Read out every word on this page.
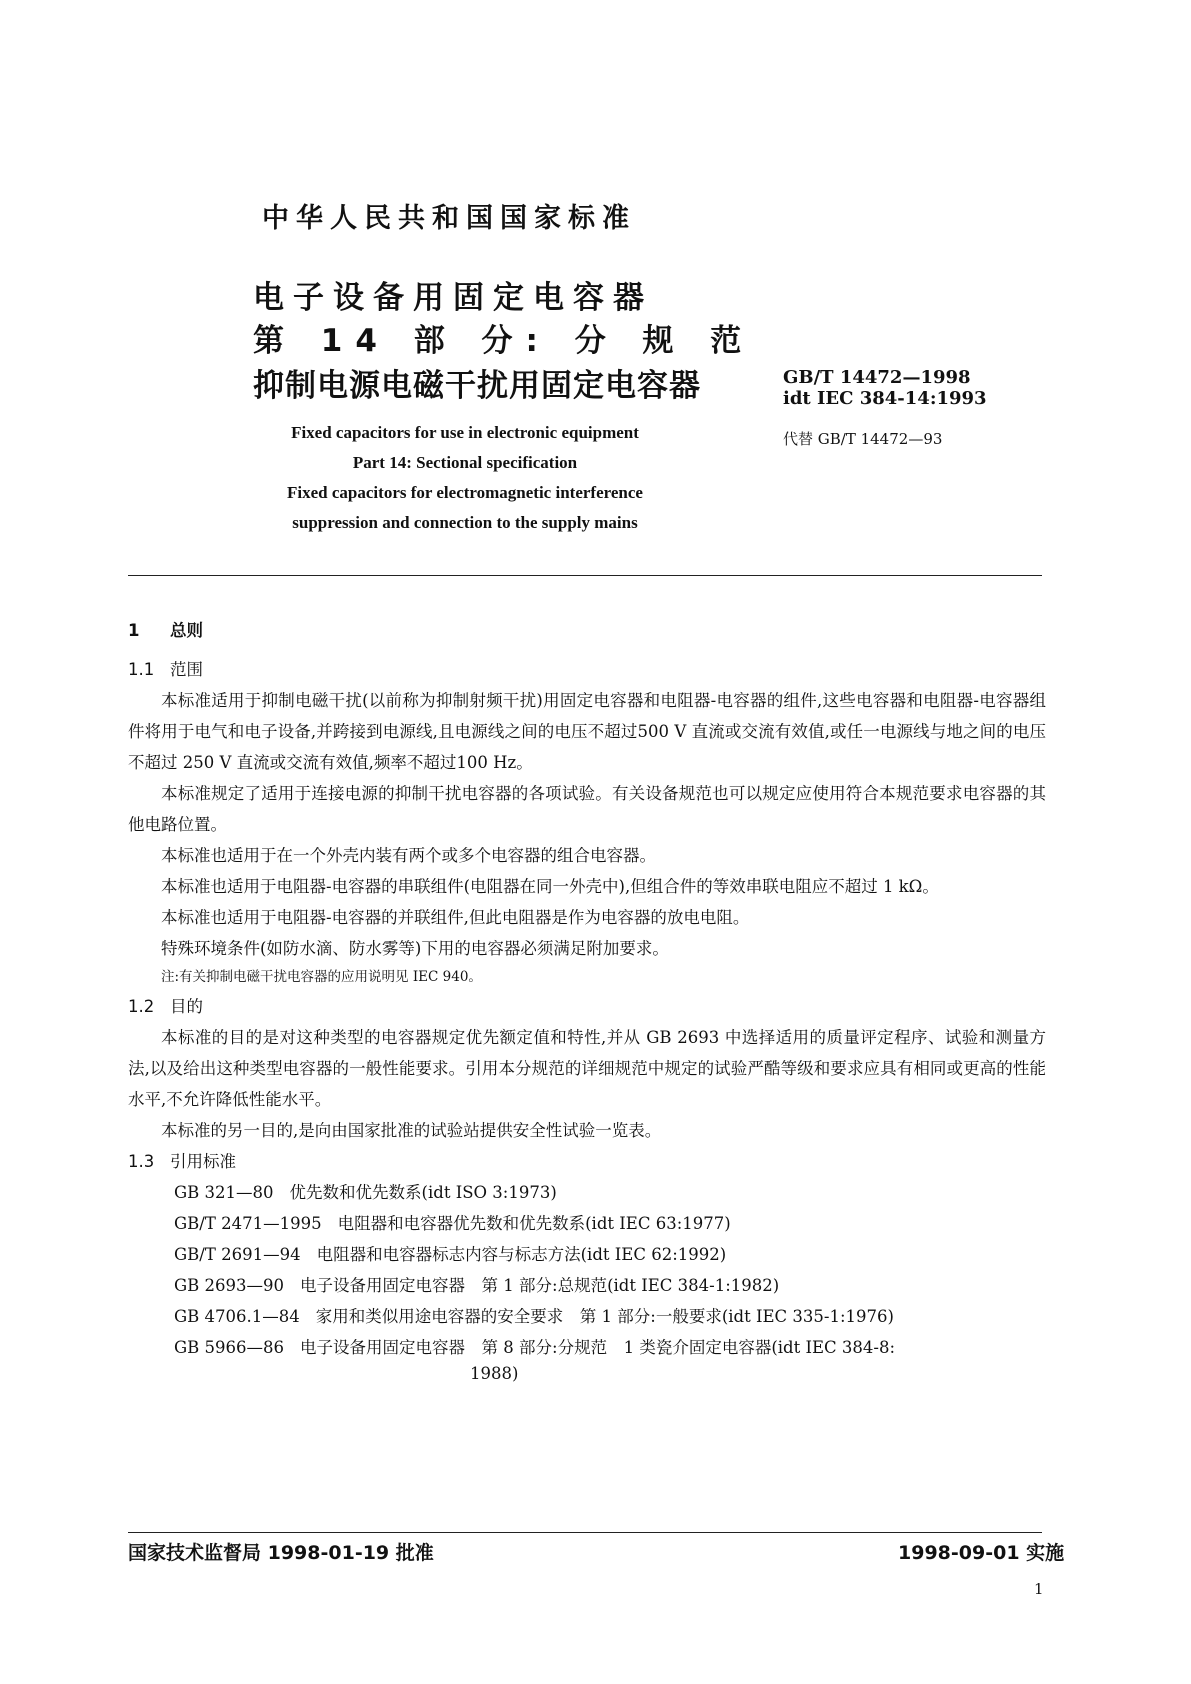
中华人民共和国国家标准
电子设备用固定电容器
第 14 部 分: 分 规 范
抑制电源电磁干扰用固定电容器	GB/T 14472—1998
idt IEC 384-14:1993
代替 GB/T 14472—93
Fixed capacitors for use in electronic equipment
Part 14: Sectional specification
Fixed capacitors for electromagnetic interference
suppression and connection to the supply mains
1 总则
1.1 范围
本标准适用于抑制电磁干扰(以前称为抑制射频干扰)用固定电容器和电阻器-电容器的组件,这些电容器和电阻器-电容器组件将用于电气和电子设备,并跨接到电源线,且电源线之间的电压不超过500 V 直流或交流有效值,或任一电源线与地之间的电压不超过 250 V 直流或交流有效值,频率不超过100 Hz。
本标准规定了适用于连接电源的抑制干扰电容器的各项试验。有关设备规范也可以规定应使用符合本规范要求电容器的其他电路位置。
本标准也适用于在一个外壳内装有两个或多个电容器的组合电容器。
本标准也适用于电阻器-电容器的串联组件(电阻器在同一外壳中),但组合件的等效串联电阻应不超过 1 kΩ。
本标准也适用于电阻器-电容器的并联组件,但此电阻器是作为电容器的放电电阻。
特殊环境条件(如防水滴、防水雾等)下用的电容器必须满足附加要求。
注:有关抑制电磁干扰电容器的应用说明见 IEC 940。
1.2 目的
本标准的目的是对这种类型的电容器规定优先额定值和特性,并从 GB 2693 中选择适用的质量评定程序、试验和测量方法,以及给出这种类型电容器的一般性能要求。引用本分规范的详细规范中规定的试验严酷等级和要求应具有相同或更高的性能水平,不允许降低性能水平。
本标准的另一目的,是向由国家批准的试验站提供安全性试验一览表。
1.3 引用标准
GB 321—80 优先数和优先数系(idt ISO 3:1973)
GB/T 2471—1995 电阻器和电容器优先数和优先数系(idt IEC 63:1977)
GB/T 2691—94 电阻器和电容器标志内容与标志方法(idt IEC 62:1992)
GB 2693—90 电子设备用固定电容器　第 1 部分:总规范(idt IEC 384-1:1982)
GB 4706.1—84 家用和类似用途电容器的安全要求　第 1 部分:一般要求(idt IEC 335-1:1976)
GB 5966—86 电子设备用固定电容器　第 8 部分:分规范　1 类瓷介固定电容器(idt IEC 384-8:
1988)
国家技术监督局 1998-01-19 批准	1998-09-01 实施
1
